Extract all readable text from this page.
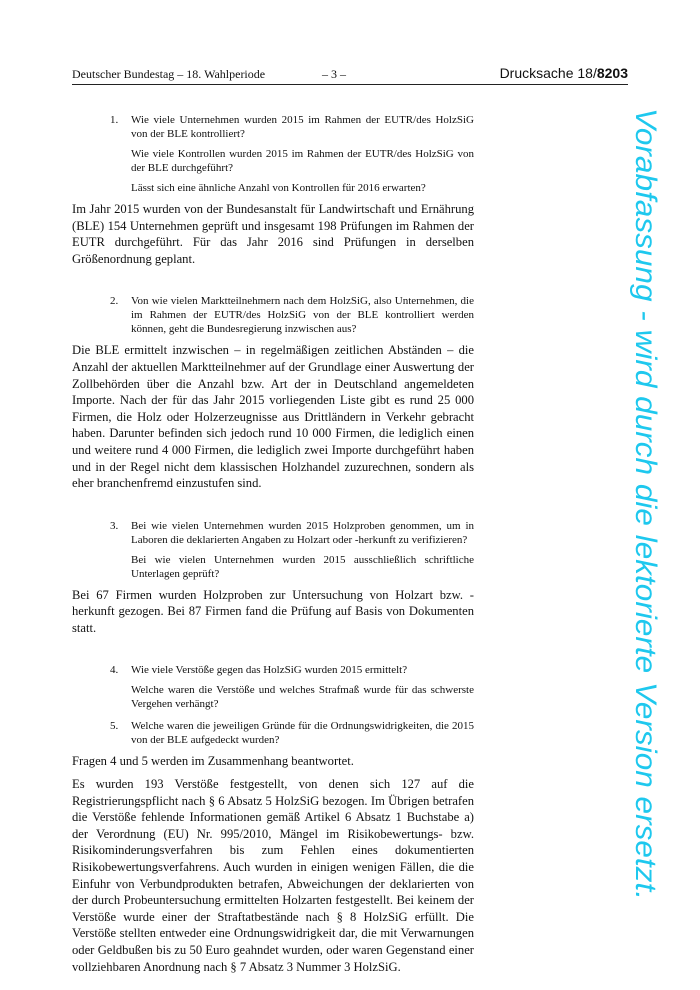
Deutscher Bundestag – 18. Wahlperiode	– 3 –	Drucksache 18/8203
1. Wie viele Unternehmen wurden 2015 im Rahmen der EUTR/des HolzSiG von der BLE kontrolliert?

Wie viele Kontrollen wurden 2015 im Rahmen der EUTR/des HolzSiG von der BLE durchgeführt?

Lässt sich eine ähnliche Anzahl von Kontrollen für 2016 erwarten?

Im Jahr 2015 wurden von der Bundesanstalt für Landwirtschaft und Ernährung (BLE) 154 Unternehmen geprüft und insgesamt 198 Prüfungen im Rahmen der EUTR durchgeführt. Für das Jahr 2016 sind Prüfungen in derselben Größenordnung geplant.

2. Von wie vielen Marktteilnehmern nach dem HolzSiG, also Unternehmen, die im Rahmen der EUTR/des HolzSiG von der BLE kontrolliert werden können, geht die Bundesregierung inzwischen aus?

Die BLE ermittelt inzwischen – in regelmäßigen zeitlichen Abständen – die Anzahl der aktuellen Marktteilnehmer auf der Grundlage einer Auswertung der Zollbehörden über die Anzahl bzw. Art der in Deutschland angemeldeten Importe. Nach der für das Jahr 2015 vorliegenden Liste gibt es rund 25 000 Firmen, die Holz oder Holzerzeugnisse aus Drittländern in Verkehr gebracht haben. Darunter befinden sich jedoch rund 10 000 Firmen, die lediglich einen und weitere rund 4 000 Firmen, die lediglich zwei Importe durchgeführt haben und in der Regel nicht dem klassischen Holzhandel zuzurechnen, sondern als eher branchenfremd einzustufen sind.

3. Bei wie vielen Unternehmen wurden 2015 Holzproben genommen, um in Laboren die deklarierten Angaben zu Holzart oder -herkunft zu verifizieren?

Bei wie vielen Unternehmen wurden 2015 ausschließlich schriftliche Unterlagen geprüft?

Bei 67 Firmen wurden Holzproben zur Untersuchung von Holzart bzw. -herkunft gezogen. Bei 87 Firmen fand die Prüfung auf Basis von Dokumenten statt.

4. Wie viele Verstöße gegen das HolzSiG wurden 2015 ermittelt?

Welche waren die Verstöße und welches Strafmaß wurde für das schwerste Vergehen verhängt?

5. Welche waren die jeweiligen Gründe für die Ordnungswidrigkeiten, die 2015 von der BLE aufgedeckt wurden?

Fragen 4 und 5 werden im Zusammenhang beantwortet.

Es wurden 193 Verstöße festgestellt, von denen sich 127 auf die Registrierungspflicht nach § 6 Absatz 5 HolzSiG bezogen. Im Übrigen betrafen die Verstöße fehlende Informationen gemäß Artikel 6 Absatz 1 Buchstabe a) der Verordnung (EU) Nr. 995/2010, Mängel im Risikobewertungs- bzw. Risikominderungsverfahren bis zum Fehlen eines dokumentierten Risikobewertungsverfahrens. Auch wurden in einigen wenigen Fällen, die die Einfuhr von Verbundprodukten betrafen, Abweichungen der deklarierten von der durch Probeuntersuchung ermittelten Holzarten festgestellt. Bei keinem der Verstöße wurde einer der Straftatbestände nach § 8 HolzSiG erfüllt. Die Verstöße stellten entweder eine Ordnungswidrigkeit dar, die mit Verwarnungen oder Geldbußen bis zu 50 Euro geahndet wurden, oder waren Gegenstand einer vollziehbaren Anordnung nach § 7 Absatz 3 Nummer 3 HolzSiG.

Vorabfassung - wird durch die lektorierte Version ersetzt.
